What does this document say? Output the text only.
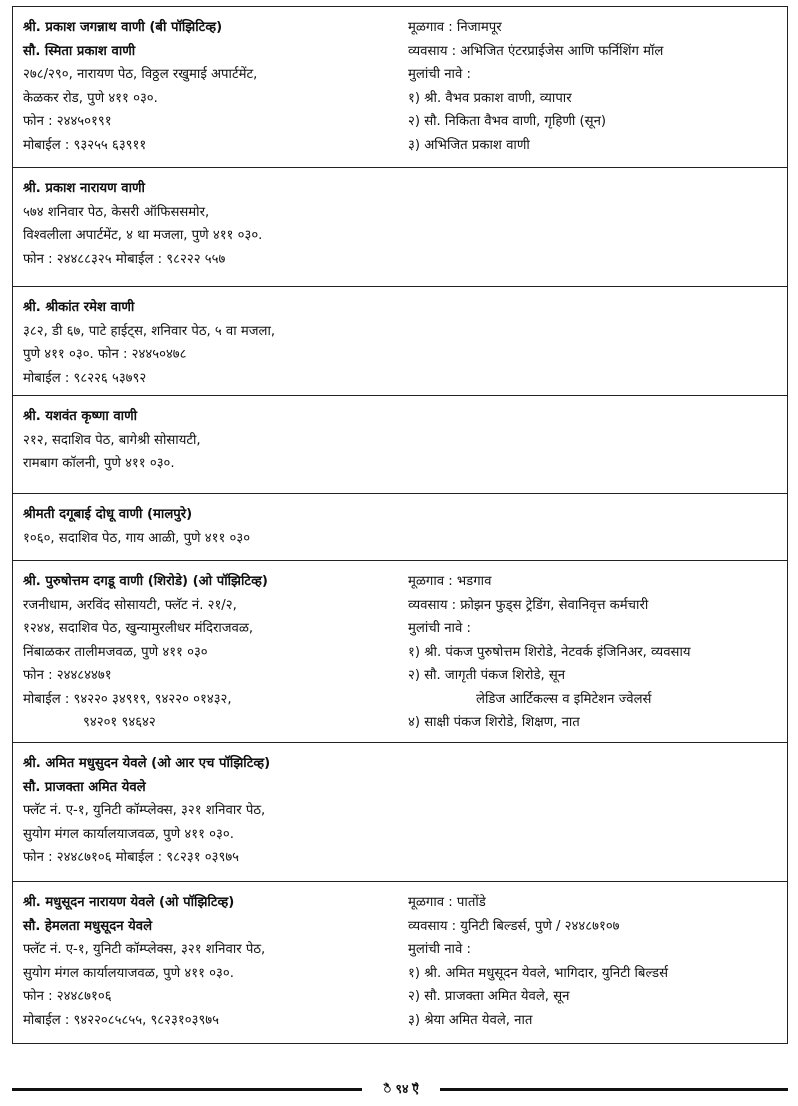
श्री. प्रकाश जगन्नाथ वाणी (बी पॉझिटिव्ह)
सौ. स्मिता प्रकाश वाणी
२७८/२९०, नारायण पेठ, विठ्ठल रखुमाई अपार्टमेंट,
केळकर रोड, पुणे ४११ ०३०.
फोन : २४४५०१९१
मोबाईल : ९३२५५ ६३९११
मूळगाव : निजामपूर
व्यवसाय : अभिजित एंटरप्राईजेस आणि फर्निशिंग मॉल
मुलांची नावे :
१) श्री. वैभव प्रकाश वाणी, व्यापार
२) सौ. निकिता वैभव वाणी, गृहिणी (सून)
३) अभिजित प्रकाश वाणी
श्री. प्रकाश नारायण वाणी
५७४ शनिवार पेठ, केसरी ऑफिससमोर,
विश्वलीला अपार्टमेंट, ४ था मजला, पुणे ४११ ०३०.
फोन : २४४८८३२५ मोबाईल : ९८२२२ ५५७
श्री. श्रीकांत रमेश वाणी
३८२, डी ६७, पाटे हाईट्स, शनिवार पेठ, ५ वा मजला,
पुणे ४११ ०३०. फोन : २४४५०४७८
मोबाईल : ९८२२६ ५३७९२
श्री. यशवंत कृष्णा वाणी
२१२, सदाशिव पेठ, बागेश्री सोसायटी,
रामबाग कॉलनी, पुणे ४११ ०३०.
श्रीमती दगूबाई दोधू वाणी (मालपुरे)
१०६०, सदाशिव पेठ, गाय आळी, पुणे ४११ ०३०
श्री. पुरुषोत्तम दगडू वाणी (शिरोडे) (ओ पॉझिटिव्ह)
रजनीधाम, अरविंद सोसायटी, फ्लॅट नं. २१/२,
१२४४, सदाशिव पेठ, खुन्यामुरलीधर मंदिराजवळ,
निंबाळकर तालीमजवळ, पुणे ४११ ०३०
फोन : २४४८४४७१
मोबाईल : ९४२२० ३४९१९, ९४२२० ०१४३२,
९४२०१ ९४६४२
मूळगाव : भडगाव
व्यवसाय : फ्रोझन फुड्स ट्रेडिंग, सेवानिवृत्त कर्मचारी
मुलांची नावे :
१) श्री. पंकज पुरुषोत्तम शिरोडे, नेटवर्क इंजिनिअर, व्यवसाय
२) सौ. जागृती पंकज शिरोडे, सून
लेडिज आर्टिकल्स व इमिटेशन ज्वेलर्स
४) साक्षी पंकज शिरोडे, शिक्षण, नात
श्री. अमित मधुसुदन येवले (ओ आर एच पॉझिटिव्ह)
सौ. प्राजक्ता अमित येवले
फ्लॅट नं. ए-१, युनिटी कॉम्प्लेक्स, ३२१ शनिवार पेठ,
सुयोग मंगल कार्यालयाजवळ, पुणे ४११ ०३०.
फोन : २४४८७१०६ मोबाईल : ९८२३१ ०३९७५
श्री. मधुसूदन नारायण येवले (ओ पॉझिटिव्ह)
सौ. हेमलता मधुसूदन येवले
फ्लॅट नं. ए-१, युनिटी कॉम्प्लेक्स, ३२१ शनिवार पेठ,
सुयोग मंगल कार्यालयाजवळ, पुणे ४११ ०३०.
फोन : २४४८७१०६
मोबाईल : ९४२२०८५८५५, ९८२३१०३९७५
मूळगाव : पातोंडे
व्यवसाय : युनिटी बिल्डर्स, पुणे / २४४८७१०७
मुलांची नावे :
१) श्री. अमित मधुसूदन येवले, भागिदार, युनिटी बिल्डर्स
२) सौ. प्राजक्ता अमित येवले, सून
३) श्रेया अमित येवले, नात
ꣿ ९४ ꣾ
